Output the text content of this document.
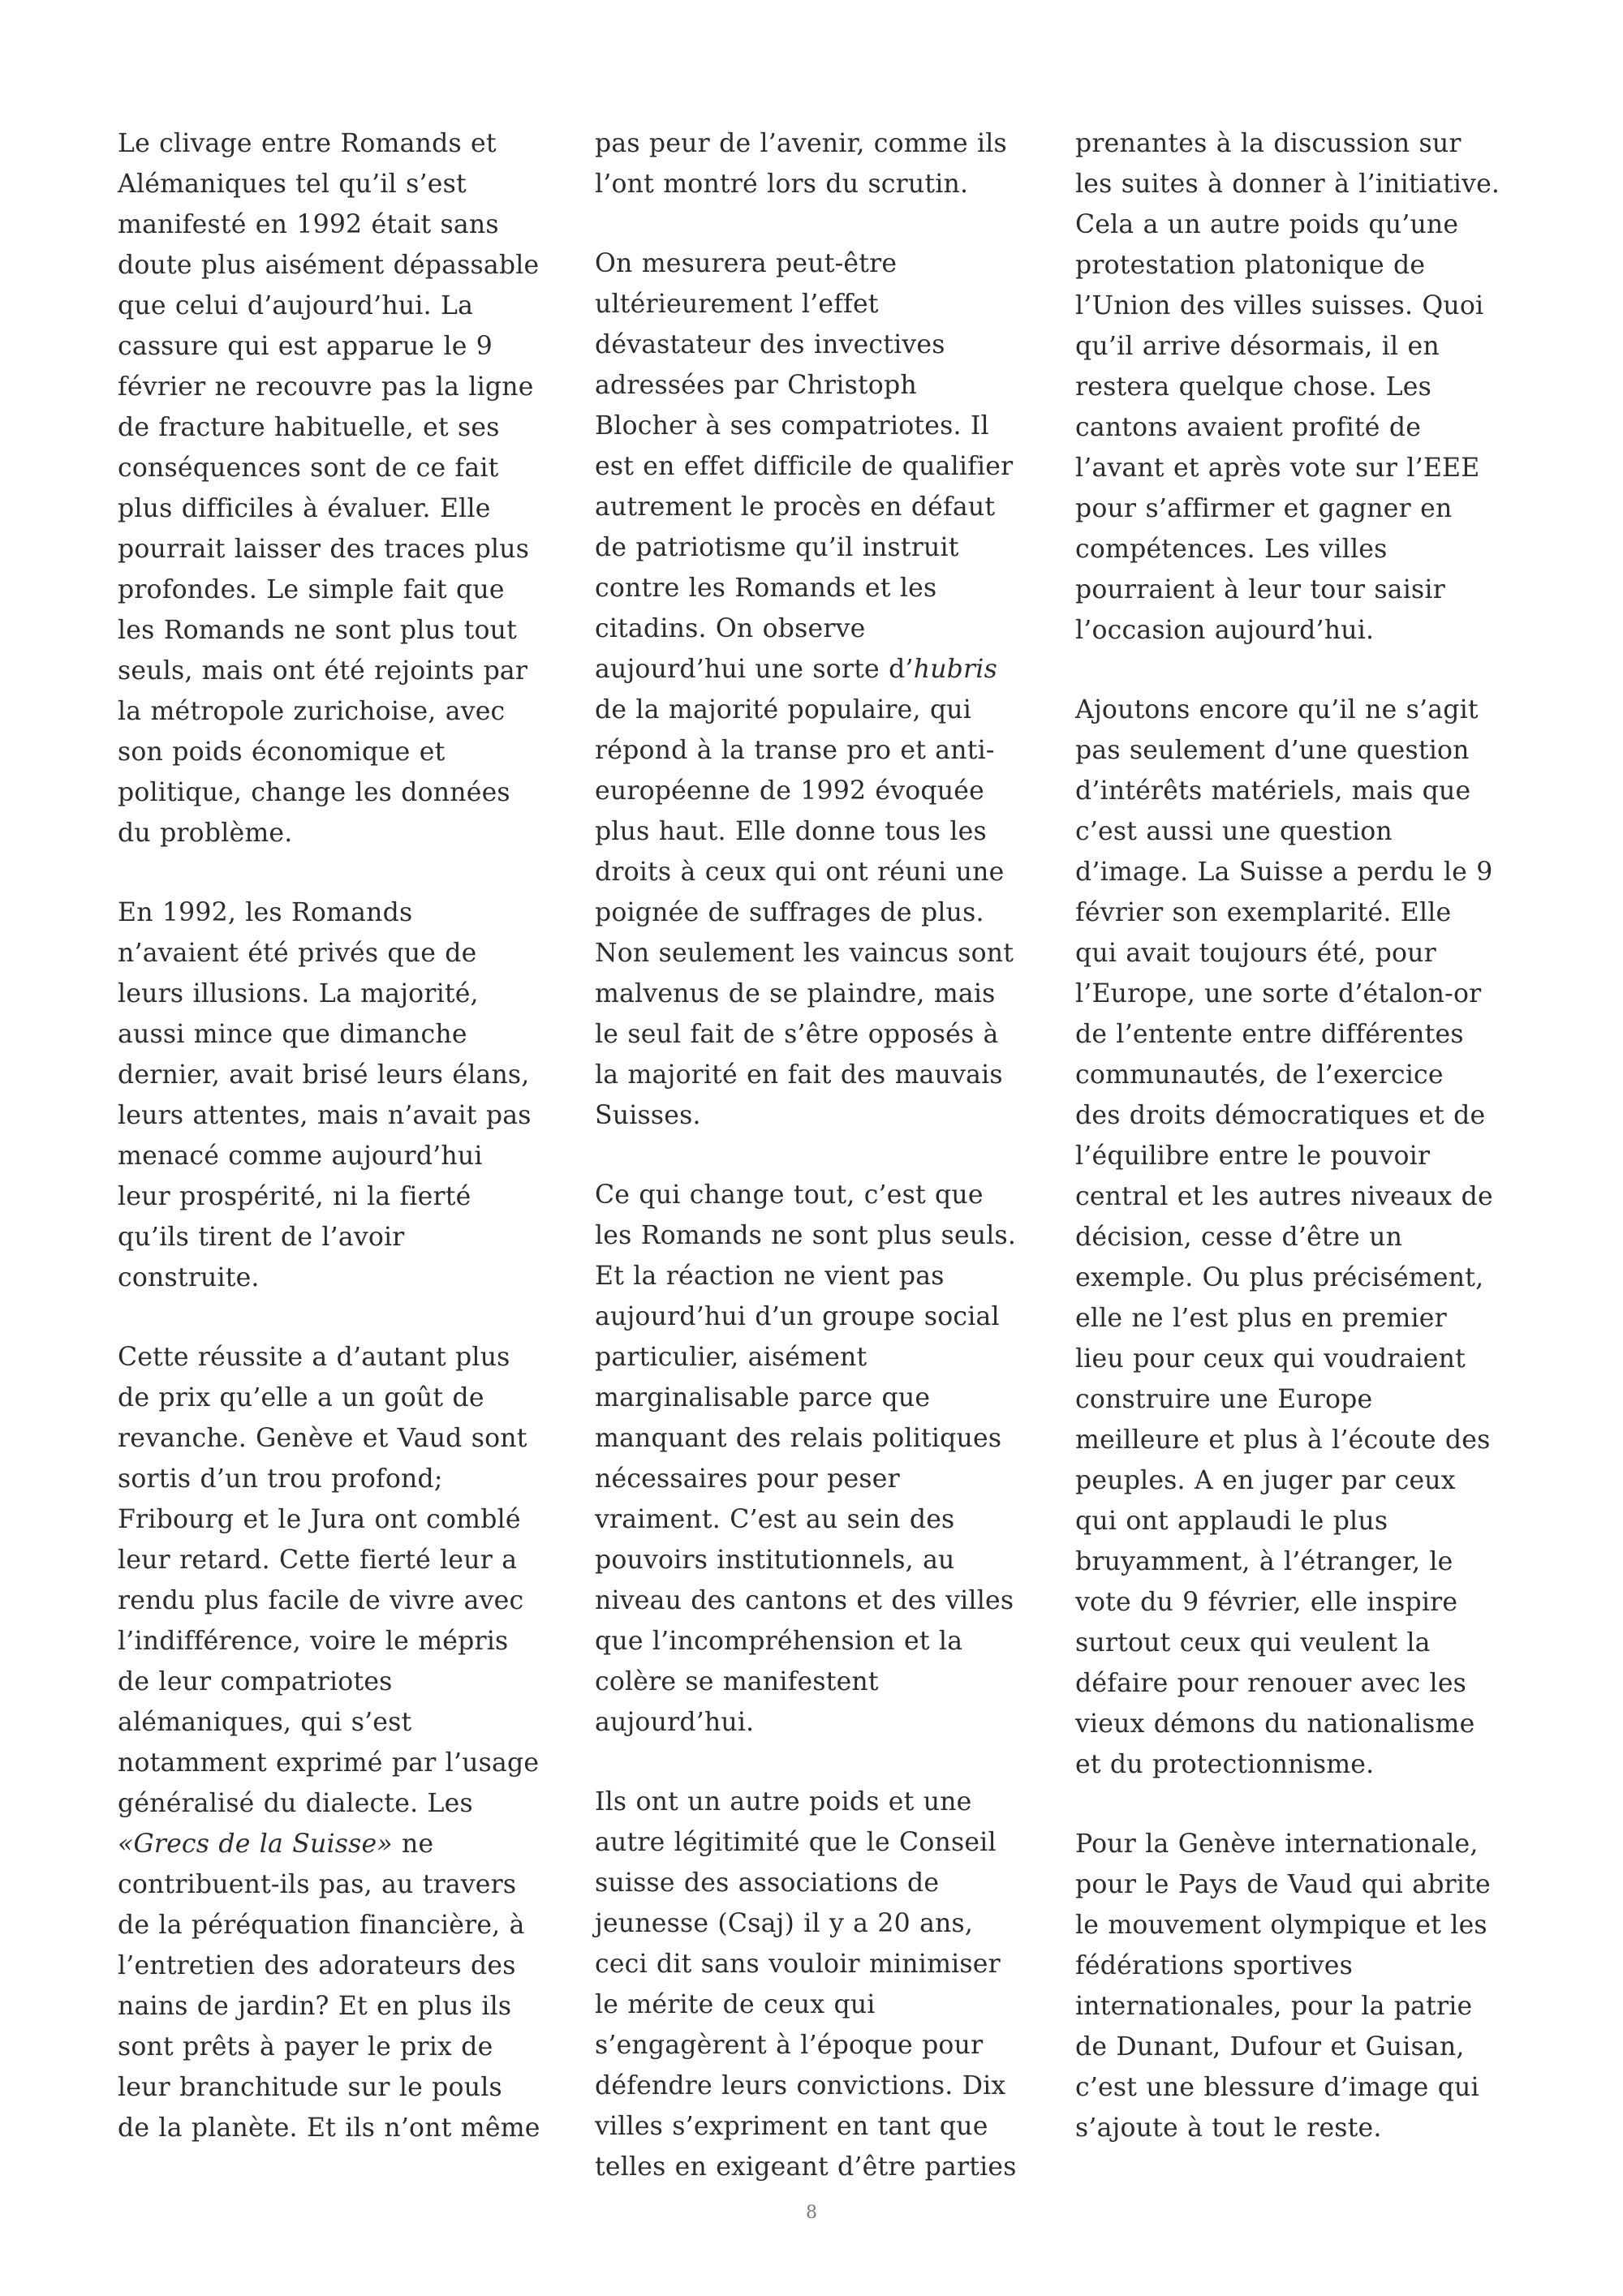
Le clivage entre Romands et
Alémaniques tel qu’il s’est
manifesté en 1992 était sans
doute plus aisément dépassable
que celui d’aujourd’hui. La
cassure qui est apparue le 9
février ne recouvre pas la ligne
de fracture habituelle, et ses
conséquences sont de ce fait
plus difficiles à évaluer. Elle
pourrait laisser des traces plus
profondes. Le simple fait que
les Romands ne sont plus tout
seuls, mais ont été rejoints par
la métropole zurichoise, avec
son poids économique et
politique, change les données
du problème.

En 1992, les Romands
n’avaient été privés que de
leurs illusions. La majorité,
aussi mince que dimanche
dernier, avait brisé leurs élans,
leurs attentes, mais n’avait pas
menacé comme aujourd’hui
leur prospérité, ni la fierté
qu’ils tirent de l’avoir
construite.

Cette réussite a d’autant plus
de prix qu’elle a un goût de
revanche. Genève et Vaud sont
sortis d’un trou profond;
Fribourg et le Jura ont comblé
leur retard. Cette fierté leur a
rendu plus facile de vivre avec
l’indifférence, voire le mépris
de leur compatriotes
alémaniques, qui s’est
notamment exprimé par l’usage
généralisé du dialecte. Les
«Grecs de la Suisse» ne
contribuent-ils pas, au travers
de la péréquation financière, à
l’entretien des adorateurs des
nains de jardin? Et en plus ils
sont prêts à payer le prix de
leur branchitude sur le pouls
de la planète. Et ils n’ont même

pas peur de l’avenir, comme ils
l’ont montré lors du scrutin.

On mesurera peut-être
ultérieurement l’effet
dévastateur des invectives
adressées par Christoph
Blocher à ses compatriotes. Il
est en effet difficile de qualifier
autrement le procès en défaut
de patriotisme qu’il instruit
contre les Romands et les
citadins. On observe
aujourd’hui une sorte d’hubris
de la majorité populaire, qui
répond à la transe pro et anti-
européenne de 1992 évoquée
plus haut. Elle donne tous les
droits à ceux qui ont réuni une
poignée de suffrages de plus.
Non seulement les vaincus sont
malvenus de se plaindre, mais
le seul fait de s’être opposés à
la majorité en fait des mauvais
Suisses.

Ce qui change tout, c’est que
les Romands ne sont plus seuls.
Et la réaction ne vient pas
aujourd’hui d’un groupe social
particulier, aisément
marginalisable parce que
manquant des relais politiques
nécessaires pour peser
vraiment. C’est au sein des
pouvoirs institutionnels, au
niveau des cantons et des villes
que l’incompréhension et la
colère se manifestent
aujourd’hui.

Ils ont un autre poids et une
autre légitimité que le Conseil
suisse des associations de
jeunesse (Csaj) il y a 20 ans,
ceci dit sans vouloir minimiser
le mérite de ceux qui
s’engagèrent à l’époque pour
défendre leurs convictions. Dix
villes s’expriment en tant que
telles en exigeant d’être parties

prenantes à la discussion sur
les suites à donner à l’initiative.
Cela a un autre poids qu’une
protestation platonique de
l’Union des villes suisses. Quoi
qu’il arrive désormais, il en
restera quelque chose. Les
cantons avaient profité de
l’avant et après vote sur l’EEE
pour s’affirmer et gagner en
compétences. Les villes
pourraient à leur tour saisir
l’occasion aujourd’hui.

Ajoutons encore qu’il ne s’agit
pas seulement d’une question
d’intérêts matériels, mais que
c’est aussi une question
d’image. La Suisse a perdu le 9
février son exemplarité. Elle
qui avait toujours été, pour
l’Europe, une sorte d’étalon-or
de l’entente entre différentes
communautés, de l’exercice
des droits démocratiques et de
l’équilibre entre le pouvoir
central et les autres niveaux de
décision, cesse d’être un
exemple. Ou plus précisément,
elle ne l’est plus en premier
lieu pour ceux qui voudraient
construire une Europe
meilleure et plus à l’écoute des
peuples. A en juger par ceux
qui ont applaudi le plus
bruyamment, à l’étranger, le
vote du 9 février, elle inspire
surtout ceux qui veulent la
défaire pour renouer avec les
vieux démons du nationalisme
et du protectionnisme.

Pour la Genève internationale,
pour le Pays de Vaud qui abrite
le mouvement olympique et les
fédérations sportives
internationales, pour la patrie
de Dunant, Dufour et Guisan,
c’est une blessure d’image qui
s’ajoute à tout le reste.

8
